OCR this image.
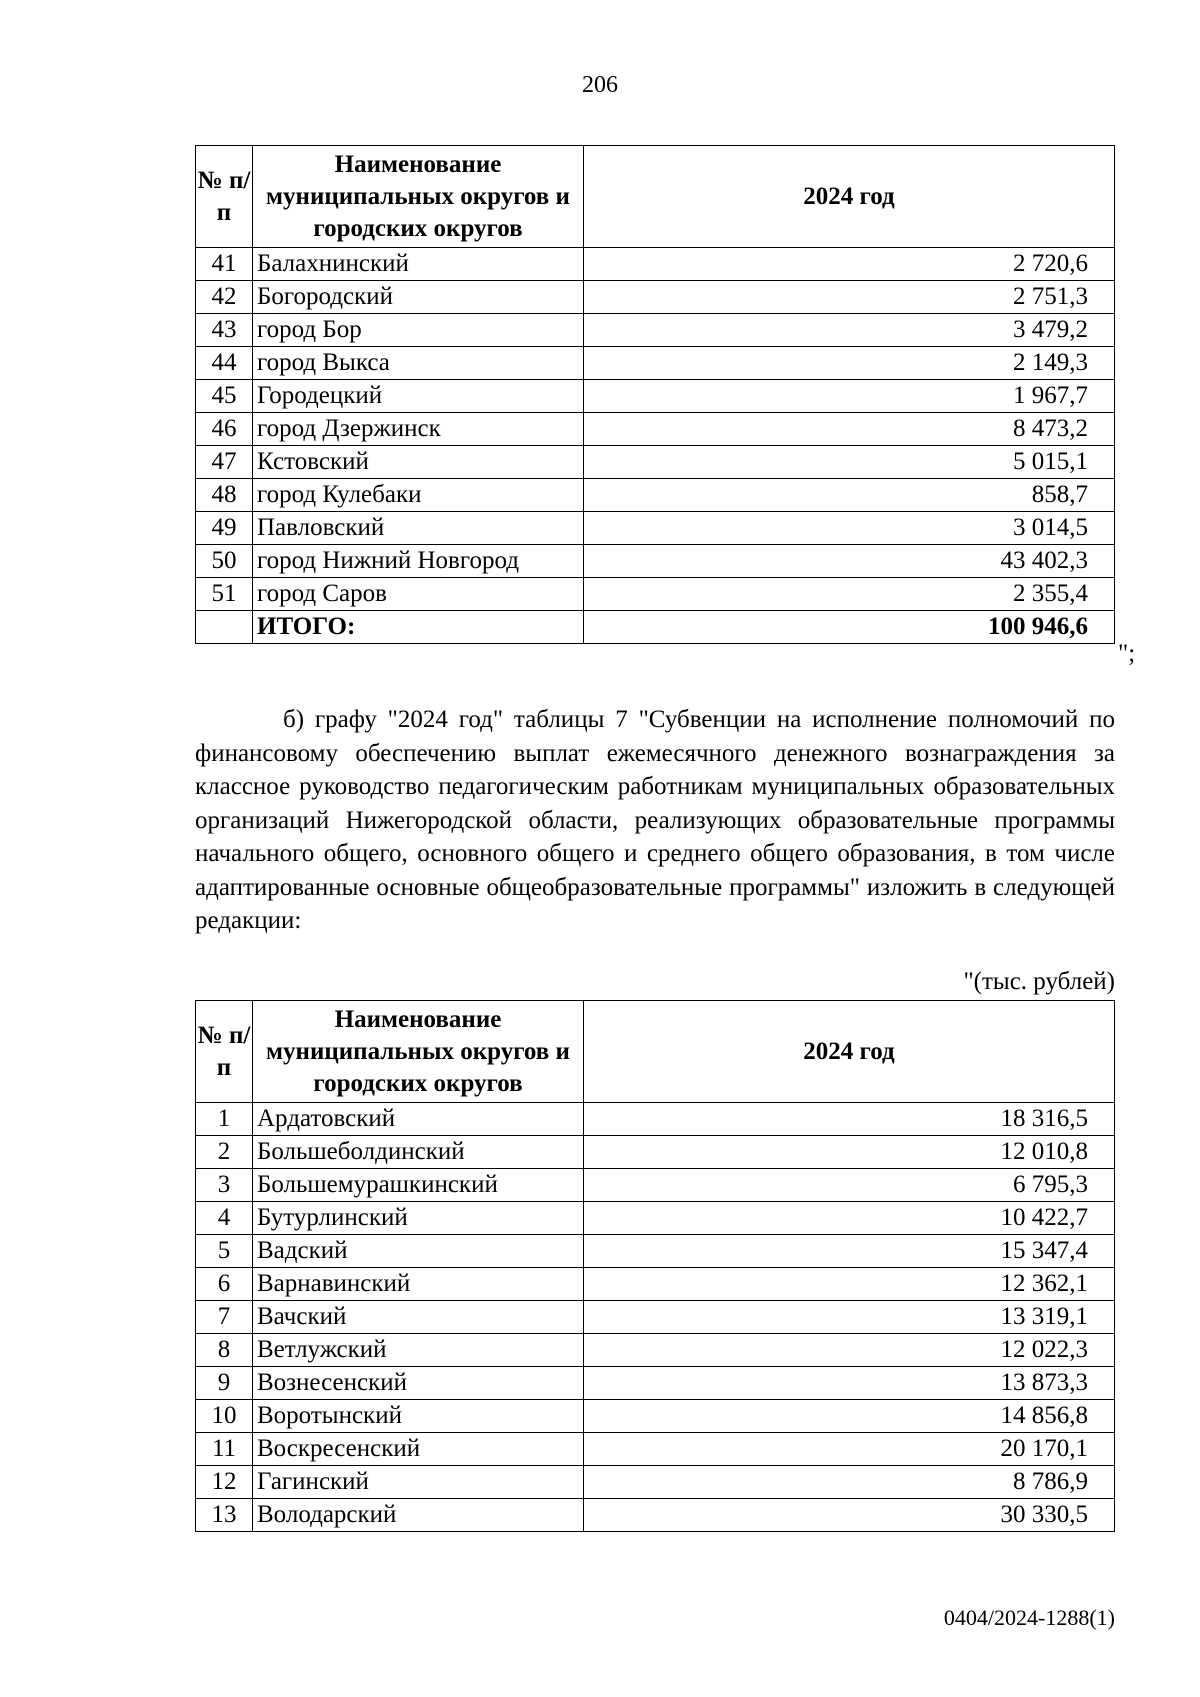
206
№ п/п	Наименование муниципальных округов и городских округов	2024 год
41	Балахнинский	2 720,6
42	Богородский	2 751,3
43	город Бор	3 479,2
44	город Выкса	2 149,3
45	Городецкий	1 967,7
46	город Дзержинск	8 473,2
47	Кстовский	5 015,1
48	город Кулебаки	858,7
49	Павловский	3 014,5
50	город Нижний Новгород	43 402,3
51	город Саров	2 355,4
	ИТОГО:	100 946,6
";

б) графу "2024 год" таблицы 7 "Субвенции на исполнение полномочий по финансовому обеспечению выплат ежемесячного денежного вознаграждения за классное руководство педагогическим работникам муниципальных образовательных организаций Нижегородской области, реализующих образовательные программы начального общего, основного общего и среднего общего образования, в том числе адаптированные основные общеобразовательные программы" изложить в следующей редакции:

"(тыс. рублей)
№ п/п	Наименование муниципальных округов и городских округов	2024 год
1	Ардатовский	18 316,5
2	Большеболдинский	12 010,8
3	Большемурашкинский	6 795,3
4	Бутурлинский	10 422,7
5	Вадский	15 347,4
6	Варнавинский	12 362,1
7	Вачский	13 319,1
8	Ветлужский	12 022,3
9	Вознесенский	13 873,3
10	Воротынский	14 856,8
11	Воскресенский	20 170,1
12	Гагинский	8 786,9
13	Володарский	30 330,5
0404/2024-1288(1)
